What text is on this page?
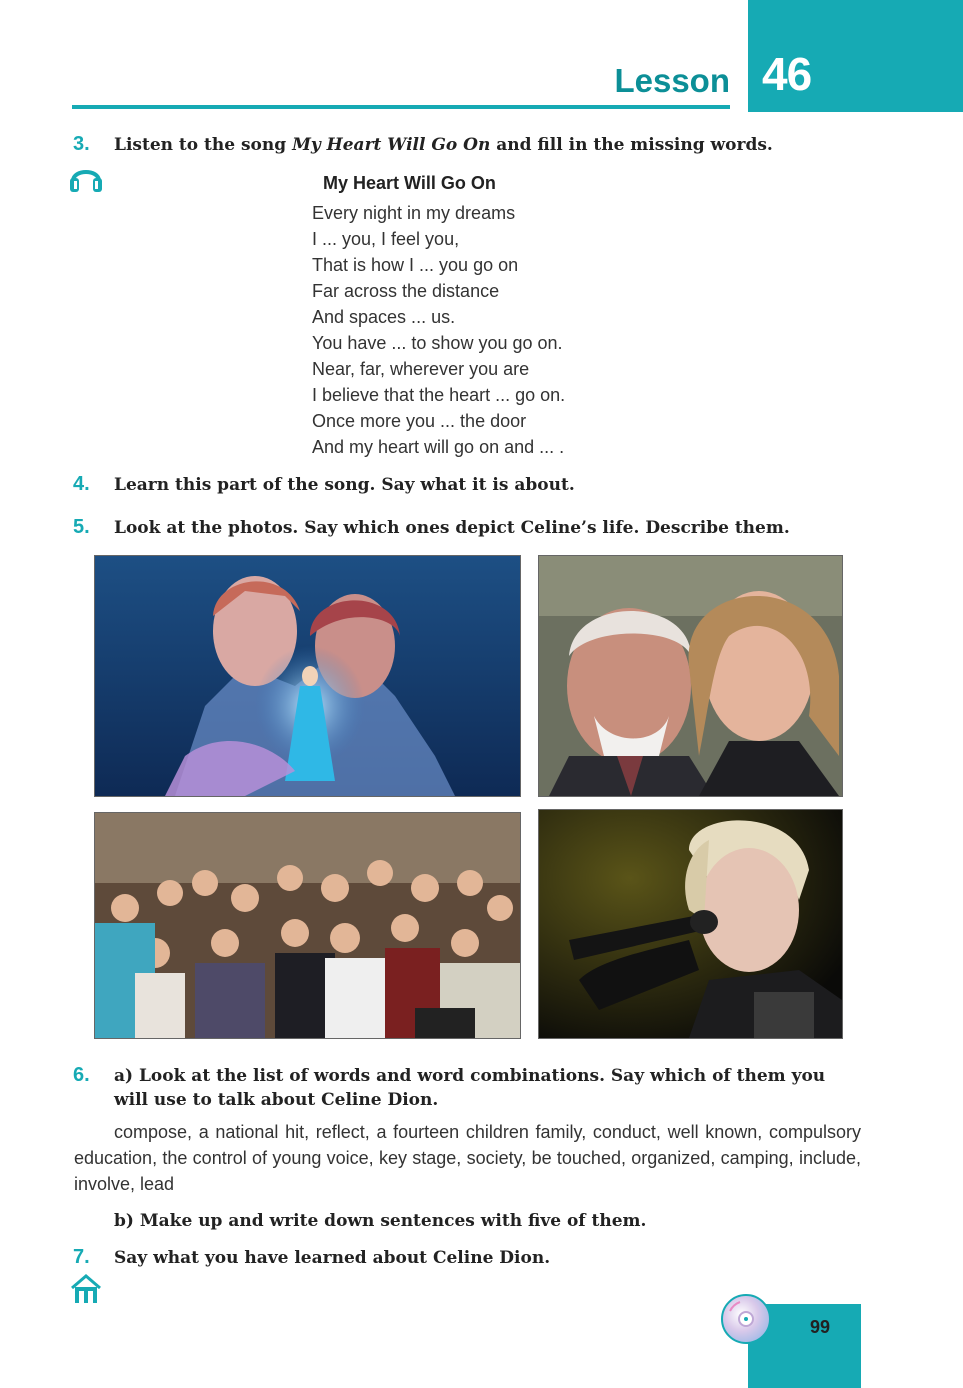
Lesson 46
3. Listen to the song My Heart Will Go On and fill in the missing words.
My Heart Will Go On
Every night in my dreams
I ... you, I feel you,
That is how I ... you go on
Far across the distance
And spaces ... us.
You have ... to show you go on.
Near, far, wherever you are
I believe that the heart ... go on.
Once more you ... the door
And my heart will go on and ... .
4. Learn this part of the song. Say what it is about.
5. Look at the photos. Say which ones depict Celine’s life. Describe them.
6. a) Look at the list of words and word combinations. Say which of them you will use to talk about Celine Dion.
compose, a national hit, reflect, a fourteen children family, conduct, well known, compulsory education, the control of young voice, key stage, society, be touched, organized, camping, include, involve, lead
b) Make up and write down sentences with five of them.
7. Say what you have learned about Celine Dion.
99
